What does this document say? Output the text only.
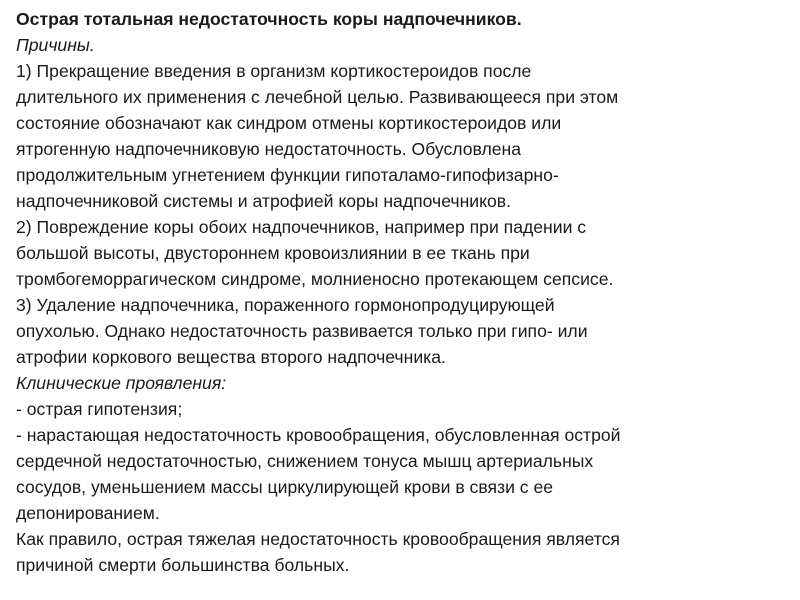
Острая тотальная недостаточность коры надпочечников.
Причины.
1) Прекращение введения в организм кортикостероидов после
длительного их применения с лечебной целью. Развивающееся при этом
состояние обозначают как синдром отмены кортикостероидов или
ятрогенную надпочечниковую недостаточность. Обусловлена
продолжительным угнетением функции гипоталамо-гипофизарно-
надпочечниковой системы и атрофией коры надпочечников.
2) Повреждение коры обоих надпочечников, например при падении с
большой высоты, двустороннем кровоизлиянии в ее ткань при
тромбогеморрагическом синдроме, молниеносно протекающем сепсисе.
3) Удаление надпочечника, пораженного гормонопродуцирующей
опухолью. Однако недостаточность развивается только при гипо- или
атрофии коркового вещества второго надпочечника.
Клинические проявления:
- острая гипотензия;
- нарастающая недостаточность кровообращения, обусловленная острой
сердечной недостаточностью, снижением тонуса мышц артериальных
сосудов, уменьшением массы циркулирующей крови в связи с ее
депонированием.
Как правило, острая тяжелая недостаточность кровообращения является
причиной смерти большинства больных.
